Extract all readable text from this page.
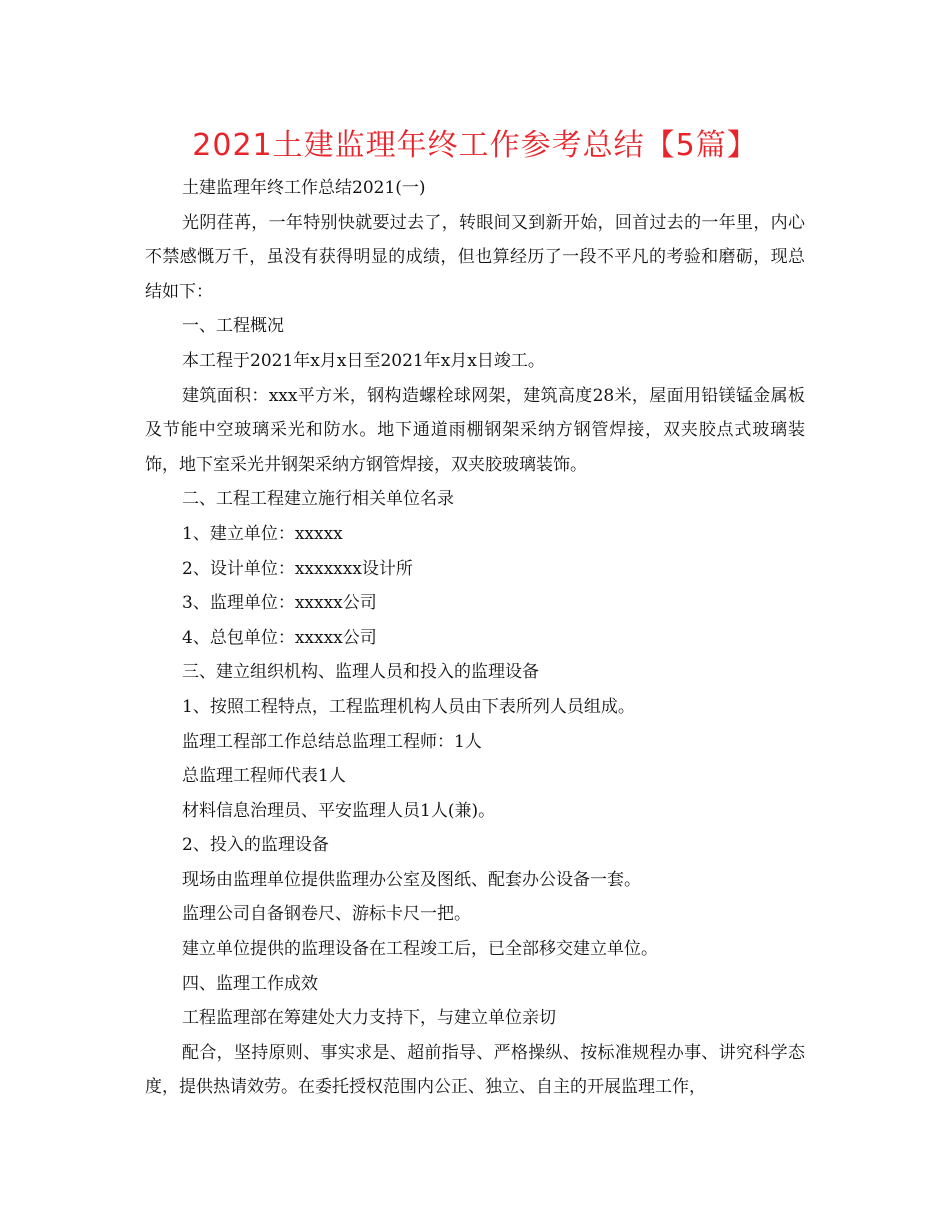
2021土建监理年终工作参考总结【5篇】

土建监理年终工作总结2021(一)

光阴荏苒，一年特别快就要过去了，转眼间又到新开始，回首过去的一年里，内心不禁感慨万千，虽没有获得明显的成绩，但也算经历了一段不平凡的考验和磨砺，现总结如下：

一、工程概况

本工程于2021年x月x日至2021年x月x日竣工。

建筑面积：xxx平方米，钢构造螺栓球网架，建筑高度28米，屋面用铅镁锰金属板及节能中空玻璃采光和防水。地下通道雨棚钢架采纳方钢管焊接，双夹胶点式玻璃装饰，地下室采光井钢架采纳方钢管焊接，双夹胶玻璃装饰。

二、工程工程建立施行相关单位名录

1、建立单位：xxxxx

2、设计单位：xxxxxxx设计所

3、监理单位：xxxxx公司

4、总包单位：xxxxx公司

三、建立组织机构、监理人员和投入的监理设备

1、按照工程特点，工程监理机构人员由下表所列人员组成。

监理工程部工作总结总监理工程师：1人

总监理工程师代表1人

材料信息治理员、平安监理人员1人(兼)。

2、投入的监理设备

现场由监理单位提供监理办公室及图纸、配套办公设备一套。

监理公司自备钢卷尺、游标卡尺一把。

建立单位提供的监理设备在工程竣工后，已全部移交建立单位。

四、监理工作成效

工程监理部在筹建处大力支持下，与建立单位亲切

配合，坚持原则、事实求是、超前指导、严格操纵、按标准规程办事、讲究科学态度，提供热请效劳。在委托授权范围内公正、独立、自主的开展监理工作，
